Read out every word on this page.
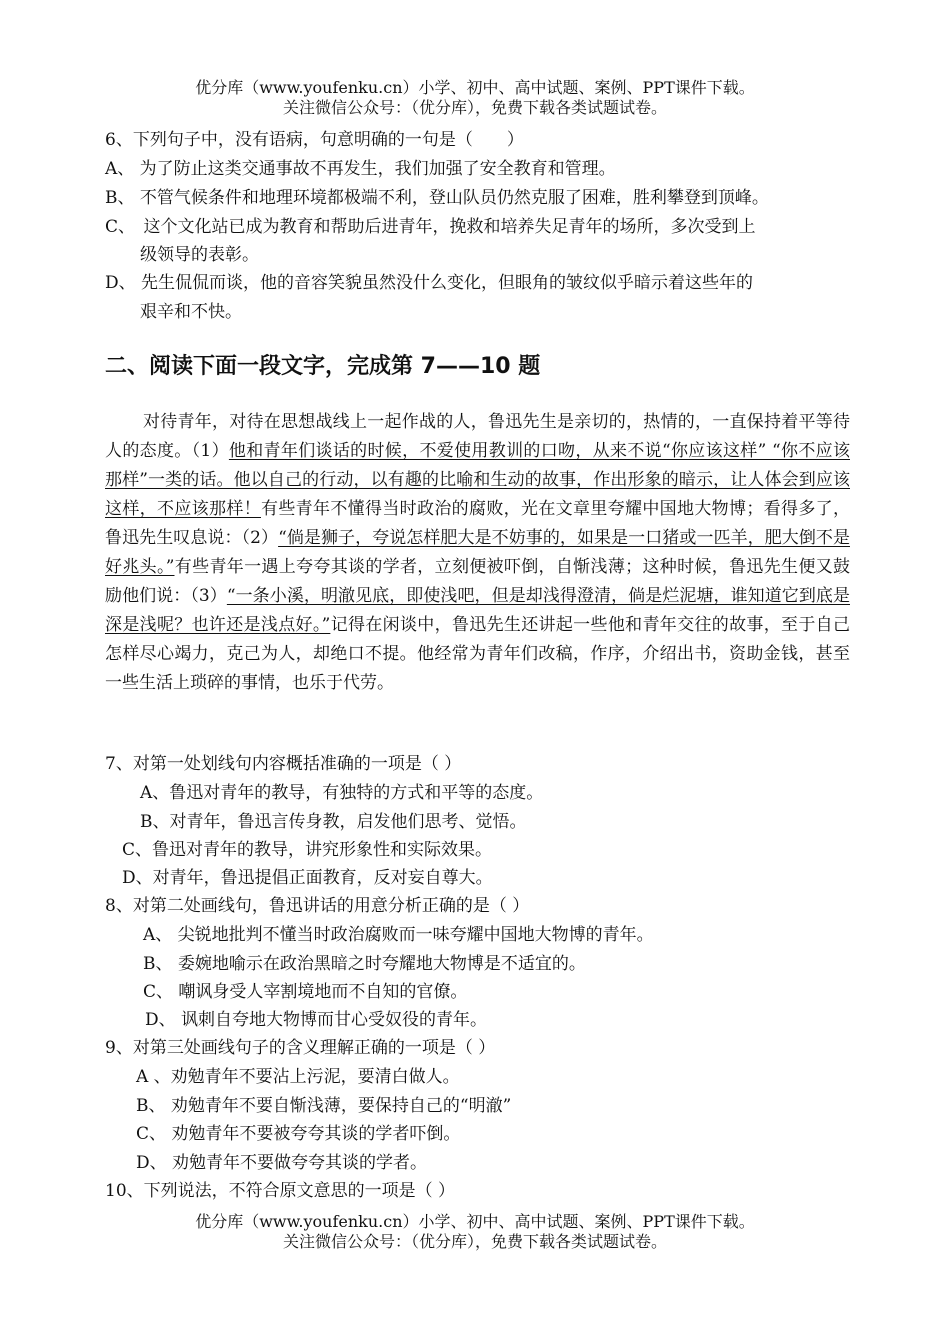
优分库（www.youfenku.cn）小学、初中、高中试题、案例、PPT课件下载。
关注微信公众号：（优分库），免费下载各类试题试卷。
6、下列句子中，没有语病，句意明确的一句是（　　）
A、 为了防止这类交通事故不再发生，我们加强了安全教育和管理。
B、 不管气候条件和地理环境都极端不利，登山队员仍然克服了困难，胜利攀登到顶峰。
C、　这个文化站已成为教育和帮助后进青年，挽救和培养失足青年的场所，多次受到上
级领导的表彰。
D、 先生侃侃而谈，他的音容笑貌虽然没什么变化，但眼角的皱纹似乎暗示着这些年的
艰辛和不快。
二、阅读下面一段文字，完成第 7——10 题
对待青年，对待在思想战线上一起作战的人，鲁迅先生是亲切的，热情的，一直保持着平等待人的态度。（1）他和青年们谈话的时候，不爱使用教训的口吻，从来不说“你应该这样” “你不应该那样”一类的话。他以自己的行动，以有趣的比喻和生动的故事，作出形象的暗示，让人体会到应该这样，不应该那样！有些青年不懂得当时政治的腐败，光在文章里夸耀中国地大物博；看得多了，鲁迅先生叹息说：（2）“倘是狮子，夸说怎样肥大是不妨事的，如果是一口猪或一匹羊，肥大倒不是好兆头。”有些青年一遇上夸夸其谈的学者，立刻便被吓倒，自惭浅薄；这种时候，鲁迅先生便又鼓励他们说：（3）“一条小溪，明澈见底，即使浅吧，但是却浅得澄清，倘是烂泥塘，谁知道它到底是深是浅呢？也许还是浅点好。”记得在闲谈中，鲁迅先生还讲起一些他和青年交往的故事，至于自己怎样尽心竭力，克己为人，却绝口不提。他经常为青年们改稿，作序，介绍出书，资助金钱，甚至一些生活上琐碎的事情，也乐于代劳。
7、对第一处划线句内容概括准确的一项是（ ）
A、鲁迅对青年的教导，有独特的方式和平等的态度。
B、对青年，鲁迅言传身教，启发他们思考、觉悟。
C、鲁迅对青年的教导，讲究形象性和实际效果。
D、对青年，鲁迅提倡正面教育，反对妄自尊大。
8、对第二处画线句，鲁迅讲话的用意分析正确的是（ ）
A、 尖锐地批判不懂当时政治腐败而一味夸耀中国地大物博的青年。
B、 委婉地喻示在政治黑暗之时夸耀地大物博是不适宜的。
C、 嘲讽身受人宰割境地而不自知的官僚。
D、 讽刺自夸地大物博而甘心受奴役的青年。
9、对第三处画线句子的含义理解正确的一项是（ ）
A 、劝勉青年不要沾上污泥，要清白做人。
B、 劝勉青年不要自惭浅薄，要保持自己的“明澈”
C、 劝勉青年不要被夸夸其谈的学者吓倒。
D、 劝勉青年不要做夸夸其谈的学者。
10、下列说法，不符合原文意思的一项是（ ）
优分库（www.youfenku.cn）小学、初中、高中试题、案例、PPT课件下载。
关注微信公众号：（优分库），免费下载各类试题试卷。
